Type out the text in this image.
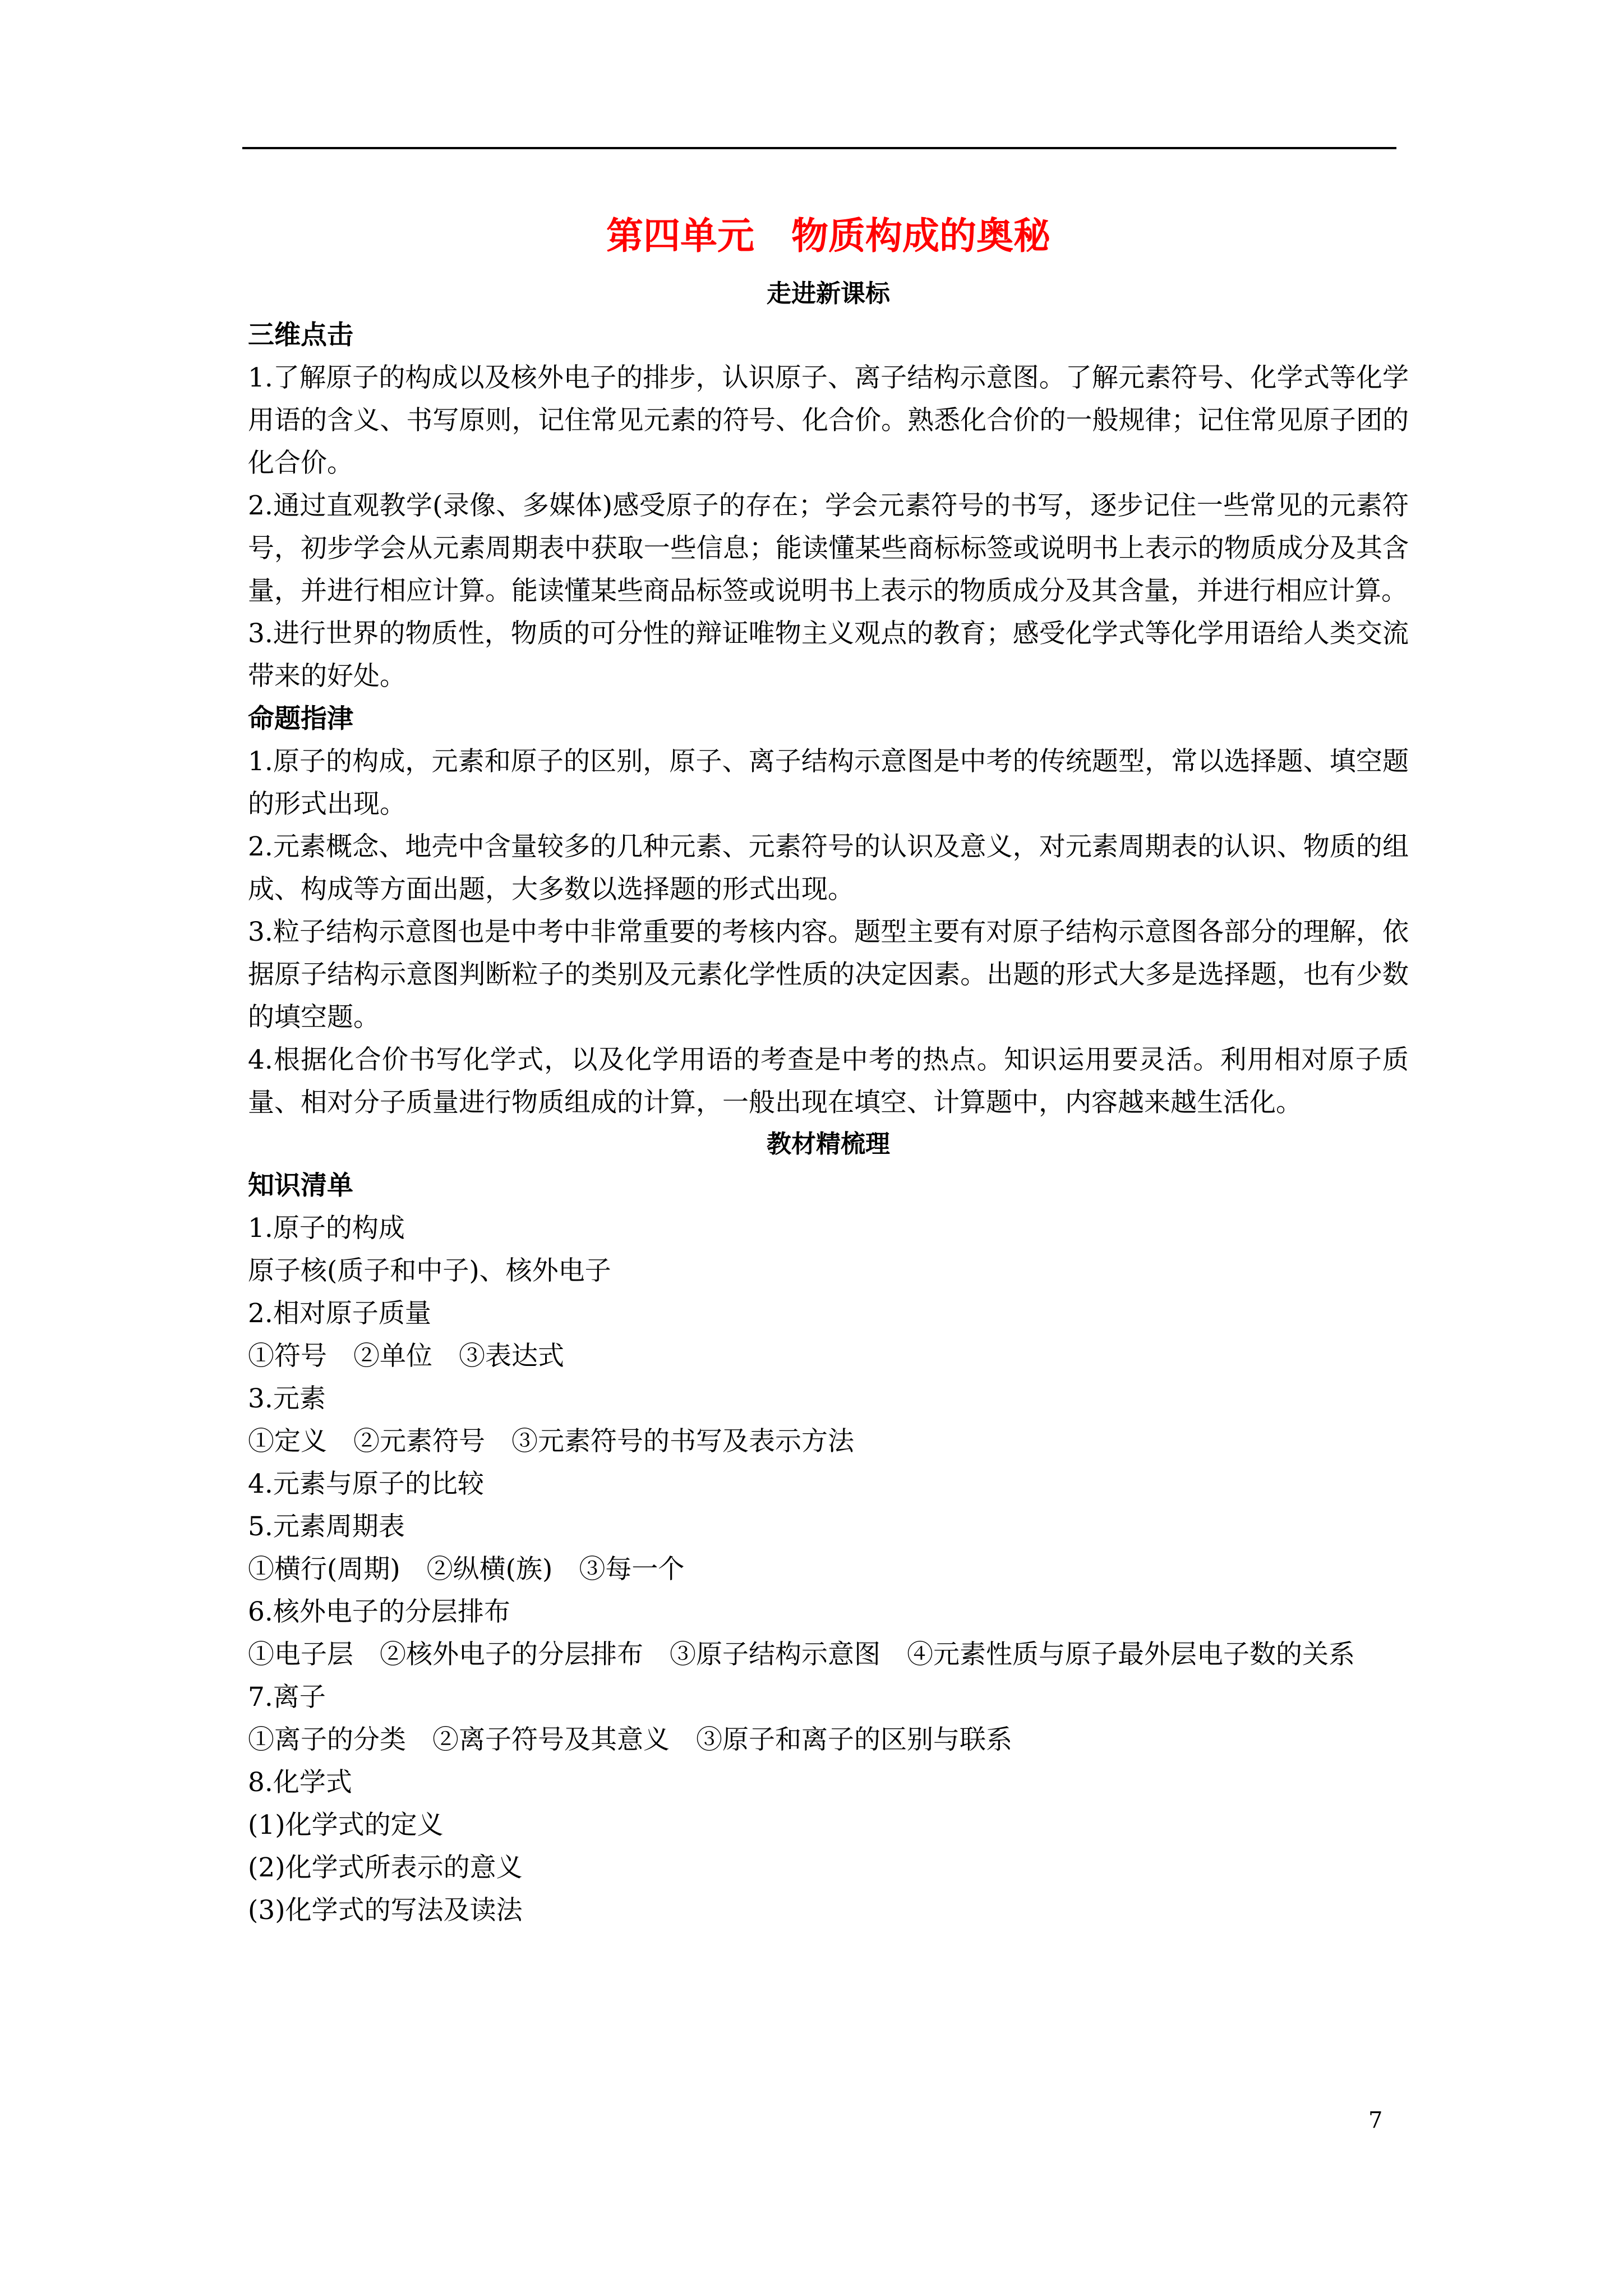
第四单元　物质构成的奥秘
走进新课标
三维点击

1.了解原子的构成以及核外电子的排步，认识原子、离子结构示意图。了解元素符号、化学式等化学用语的含义、书写原则，记住常见元素的符号、化合价。熟悉化合价的一般规律；记住常见原子团的化合价。

2.通过直观教学(录像、多媒体)感受原子的存在；学会元素符号的书写，逐步记住一些常见的元素符号，初步学会从元素周期表中获取一些信息；能读懂某些商标标签或说明书上表示的物质成分及其含量，并进行相应计算。能读懂某些商品标签或说明书上表示的物质成分及其含量，并进行相应计算。

3.进行世界的物质性，物质的可分性的辩证唯物主义观点的教育；感受化学式等化学用语给人类交流带来的好处。

命题指津

1.原子的构成，元素和原子的区别，原子、离子结构示意图是中考的传统题型，常以选择题、填空题的形式出现。

2.元素概念、地壳中含量较多的几种元素、元素符号的认识及意义，对元素周期表的认识、物质的组成、构成等方面出题，大多数以选择题的形式出现。

3.粒子结构示意图也是中考中非常重要的考核内容。题型主要有对原子结构示意图各部分的理解，依据原子结构示意图判断粒子的类别及元素化学性质的决定因素。出题的形式大多是选择题，也有少数的填空题。

4.根据化合价书写化学式，以及化学用语的考查是中考的热点。知识运用要灵活。利用相对原子质量、相对分子质量进行物质组成的计算，一般出现在填空、计算题中，内容越来越生活化。

教材精梳理
知识清单

1.原子的构成

原子核(质子和中子)、核外电子

2.相对原子质量

①符号　②单位　③表达式

3.元素

①定义　②元素符号　③元素符号的书写及表示方法

4.元素与原子的比较

5.元素周期表

①横行(周期)　②纵横(族)　③每一个

6.核外电子的分层排布

①电子层　②核外电子的分层排布　③原子结构示意图　④元素性质与原子最外层电子数的关系

7.离子

①离子的分类　②离子符号及其意义　③原子和离子的区别与联系

8.化学式

(1)化学式的定义

(2)化学式所表示的意义

(3)化学式的写法及读法

7
